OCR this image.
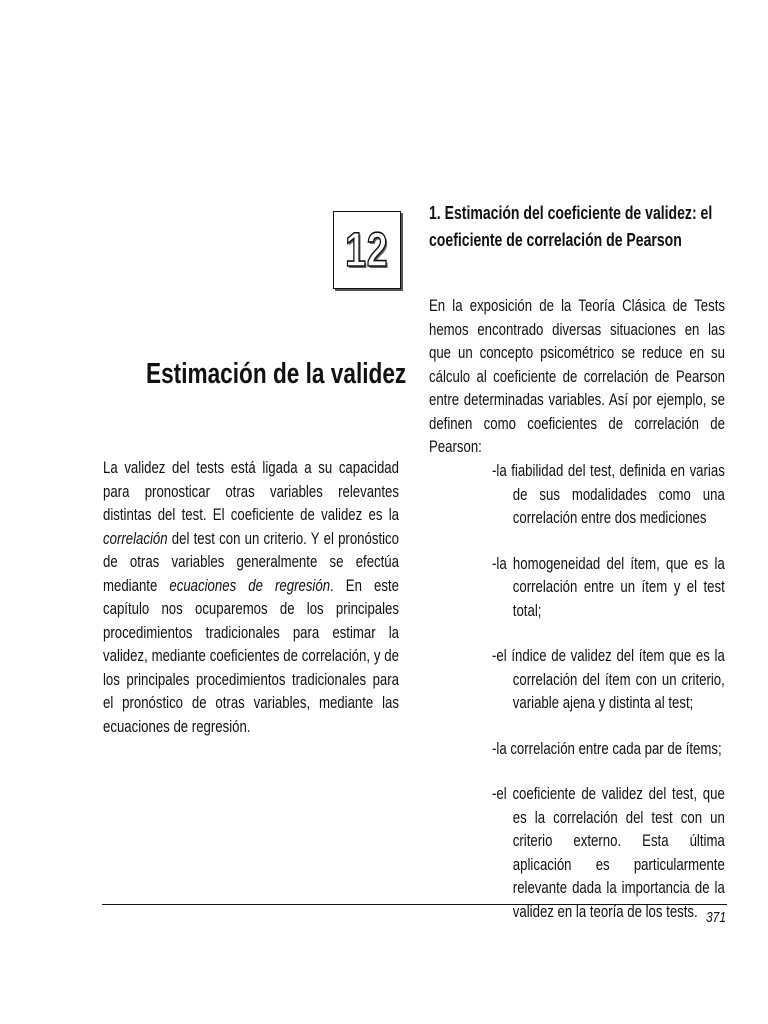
12
Estimación de la validez

La validez del tests está ligada a su capacidad para pronosticar otras variables relevantes distintas del test. El coeficiente de validez es la correlación del test con un criterio. Y el pronóstico de otras variables generalmente se efectúa mediante ecuaciones de regresión. En este capítulo nos ocuparemos de los principales procedimientos tradicionales para estimar la validez, mediante coeficientes de correlación, y de los principales procedimientos tradicionales para el pronóstico de otras variables, mediante las ecuaciones de regresión.

1. Estimación del coeficiente de validez: el
coeficiente de correlación de Pearson

En la exposición de la Teoría Clásica de Tests hemos encontrado diversas situaciones en las que un concepto psicométrico se reduce en su cálculo al coeficiente de correlación de Pearson entre determinadas variables. Así por ejemplo, se definen como coeficientes de correlación de Pearson:

-la fiabilidad del test, definida en varias de sus modalidades como una correlación entre dos mediciones

-la homogeneidad del ítem, que es la correlación entre un ítem y el test total;

-el índice de validez del ítem que es la correlación del ítem con un criterio, variable ajena y distinta al test;

-la correlación entre cada par de ítems;

-el coeficiente de validez del test, que es la correlación del test con un criterio externo. Esta última aplicación es particularmente relevante dada la importancia de la validez en la teoría de los tests. 371
